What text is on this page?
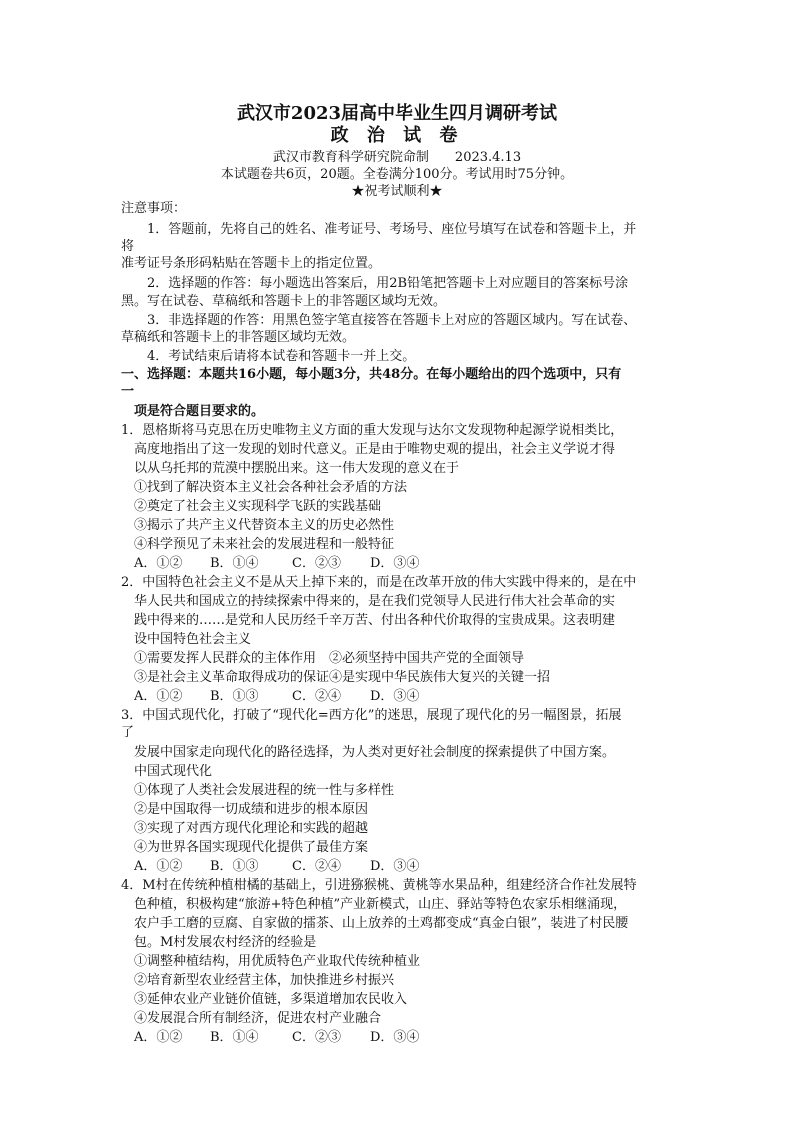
武汉市2023届高中毕业生四月调研考试
政 治 试 卷
武汉市教育科学研究院命制 2023.4.13
本试题卷共6页，20题。全卷满分100分。考试用时75分钟。
★祝考试顺利★
注意事项：
1．答题前，先将自己的姓名、准考证号、考场号、座位号填写在试卷和答题卡上，并
将
准考证号条形码粘贴在答题卡上的指定位置。
2．选择题的作答：每小题选出答案后，用2B铅笔把答题卡上对应题目的答案标号涂
黑。写在试卷、草稿纸和答题卡上的非答题区域均无效。
3．非选择题的作答：用黑色签字笔直接答在答题卡上对应的答题区域内。写在试卷、
草稿纸和答题卡上的非答题区域均无效。
4．考试结束后请将本试卷和答题卡一并上交。
一、选择题：本题共16小题，每小题3分，共48分。在每小题给出的四个选项中，只有
一
项是符合题目要求的。
1．恩格斯将马克思在历史唯物主义方面的重大发现与达尔文发现物种起源学说相类比，
高度地指出了这一发现的划时代意义。正是由于唯物史观的提出，社会主义学说才得
以从乌托邦的荒漠中摆脱出来。这一伟大发现的意义在于
①找到了解决资本主义社会各种社会矛盾的方法
②奠定了社会主义实现科学飞跃的实践基础
③揭示了共产主义代替资本主义的历史必然性
④科学预见了未来社会的发展进程和一般特征
A．①② B．①④	C．②③ D．③④
2．中国特色社会主义不是从天上掉下来的，而是在改革开放的伟大实践中得来的，是在中
华人民共和国成立的持续探索中得来的，是在我们党领导人民进行伟大社会革命的实
践中得来的……是党和人民历经千辛万苦、付出各种代价取得的宝贵成果。这表明建
设中国特色社会主义
①需要发挥人民群众的主体作用　②必须坚持中国共产党的全面领导
③是社会主义革命取得成功的保证④是实现中华民族伟大复兴的关键一招
A．①② B．①③	C．②④ D．③④
3．中国式现代化，打破了“现代化=西方化”的迷思，展现了现代化的另一幅图景，拓展
了
发展中国家走向现代化的路径选择，为人类对更好社会制度的探索提供了中国方案。
中国式现代化
①体现了人类社会发展进程的统一性与多样性
②是中国取得一切成绩和进步的根本原因
③实现了对西方现代化理论和实践的超越
④为世界各国实现现代化提供了最佳方案
A．①② B．①③	C．②④ D．③④
4．M村在传统种植柑橘的基础上，引进猕猴桃、黄桃等水果品种，组建经济合作社发展特
色种植，积极构建“旅游+特色种植”产业新模式，山庄、驿站等特色农家乐相继涌现，
农户手工磨的豆腐、自家做的擂茶、山上放养的土鸡都变成“真金白银”，装进了村民腰
包。M村发展农村经济的经验是
①调整种植结构，用优质特色产业取代传统种植业
②培育新型农业经营主体，加快推进乡村振兴
③延伸农业产业链价值链，多渠道增加农民收入
④发展混合所有制经济，促进农村产业融合
A．①② B．①④	C．②③ D．③④
